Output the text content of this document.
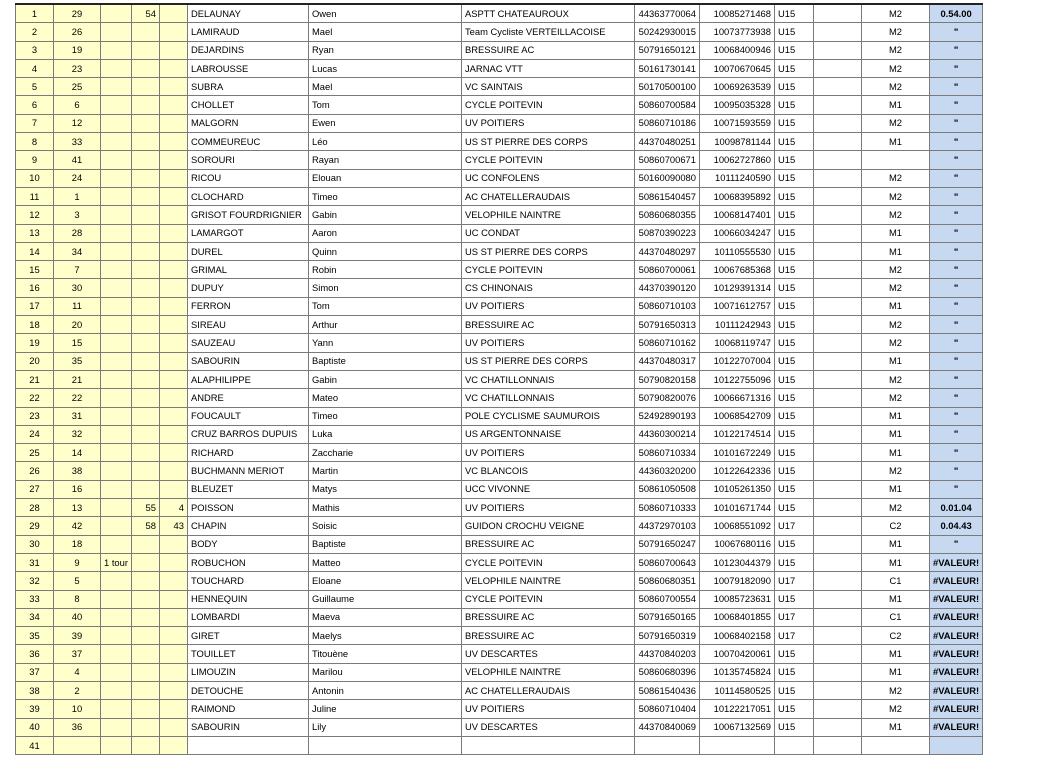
1	29		54		DELAUNAY	Owen	ASPTT CHATEAUROUX	44363770064	10085271468	U15		M2	0.54.00
2	26				LAMIRAUD	Mael	Team Cycliste VERTEILLACOISE	50242930015	10073773938	U15		M2	"
3	19				DEJARDINS	Ryan	BRESSUIRE AC	50791650121	10068400946	U15		M2	"
4	23				LABROUSSE	Lucas	JARNAC VTT	50161730141	10070670645	U15		M2	"
5	25				SUBRA	Mael	VC SAINTAIS	50170500100	10069263539	U15		M2	"
6	6				CHOLLET	Tom	CYCLE POITEVIN	50860700584	10095035328	U15		M1	"
7	12				MALGORN	Ewen	UV POITIERS	50860710186	10071593559	U15		M2	"
8	33				COMMEUREUC	Léo	US ST PIERRE DES CORPS	44370480251	10098781144	U15		M1	"
9	41				SOROURI	Rayan	CYCLE POITEVIN	50860700671	10062727860	U15			"
10	24				RICOU	Elouan	UC CONFOLENS	50160090080	10111240590	U15		M2	"
11	1				CLOCHARD	Timeo	AC CHATELLERAUDAIS	50861540457	10068395892	U15		M2	"
12	3				GRISOT FOURDRIGNIER	Gabin	VELOPHILE NAINTRE	50860680355	10068147401	U15		M2	"
13	28				LAMARGOT	Aaron	UC CONDAT	50870390223	10066034247	U15		M1	"
14	34				DUREL	Quinn	US ST PIERRE DES CORPS	44370480297	10110555530	U15		M1	"
15	7				GRIMAL	Robin	CYCLE POITEVIN	50860700061	10067685368	U15		M2	"
16	30				DUPUY	Simon	CS CHINONAIS	44370390120	10129391314	U15		M2	"
17	11				FERRON	Tom	UV POITIERS	50860710103	10071612757	U15		M1	"
18	20				SIREAU	Arthur	BRESSUIRE AC	50791650313	10111242943	U15		M2	"
19	15				SAUZEAU	Yann	UV POITIERS	50860710162	10068119747	U15		M2	"
20	35				SABOURIN	Baptiste	US ST PIERRE DES CORPS	44370480317	10122707004	U15		M1	"
21	21				ALAPHILIPPE	Gabin	VC CHATILLONNAIS	50790820158	10122755096	U15		M2	"
22	22				ANDRE	Mateo	VC CHATILLONNAIS	50790820076	10066671316	U15		M2	"
23	31				FOUCAULT	Timeo	POLE CYCLISME SAUMUROIS	52492890193	10068542709	U15		M1	"
24	32				CRUZ BARROS DUPUIS	Luka	US ARGENTONNAISE	44360300214	10122174514	U15		M1	"
25	14				RICHARD	Zaccharie	UV POITIERS	50860710334	10101672249	U15		M1	"
26	38				BUCHMANN MERIOT	Martin	VC BLANCOIS	44360320200	10122642336	U15		M2	"
27	16				BLEUZET	Matys	UCC VIVONNE	50861050508	10105261350	U15		M1	"
28	13		55	4	POISSON	Mathis	UV POITIERS	50860710333	10101671744	U15		M2	0.01.04
29	42		58	43	CHAPIN	Soisic	GUIDON CROCHU VEIGNE	44372970103	10068551092	U17		C2	0.04.43
30	18				BODY	Baptiste	BRESSUIRE AC	50791650247	10067680116	U15		M1	"
31	9	1 tour			ROBUCHON	Matteo	CYCLE POITEVIN	50860700643	10123044379	U15		M1	#VALEUR!
32	5				TOUCHARD	Eloane	VELOPHILE NAINTRE	50860680351	10079182090	U17		C1	#VALEUR!
33	8				HENNEQUIN	Guillaume	CYCLE POITEVIN	50860700554	10085723631	U15		M1	#VALEUR!
34	40				LOMBARDI	Maeva	BRESSUIRE AC	50791650165	10068401855	U17		C1	#VALEUR!
35	39				GIRET	Maelys	BRESSUIRE AC	50791650319	10068402158	U17		C2	#VALEUR!
36	37				TOUILLET	Titouène	UV DESCARTES	44370840203	10070420061	U15		M1	#VALEUR!
37	4				LIMOUZIN	Marilou	VELOPHILE NAINTRE	50860680396	10135745824	U15		M1	#VALEUR!
38	2				DETOUCHE	Antonin	AC CHATELLERAUDAIS	50861540436	10114580525	U15		M2	#VALEUR!
39	10				RAIMOND	Juline	UV POITIERS	50860710404	10122217051	U15		M2	#VALEUR!
40	36				SABOURIN	Lily	UV DESCARTES	44370840069	10067132569	U15		M1	#VALEUR!
41													
